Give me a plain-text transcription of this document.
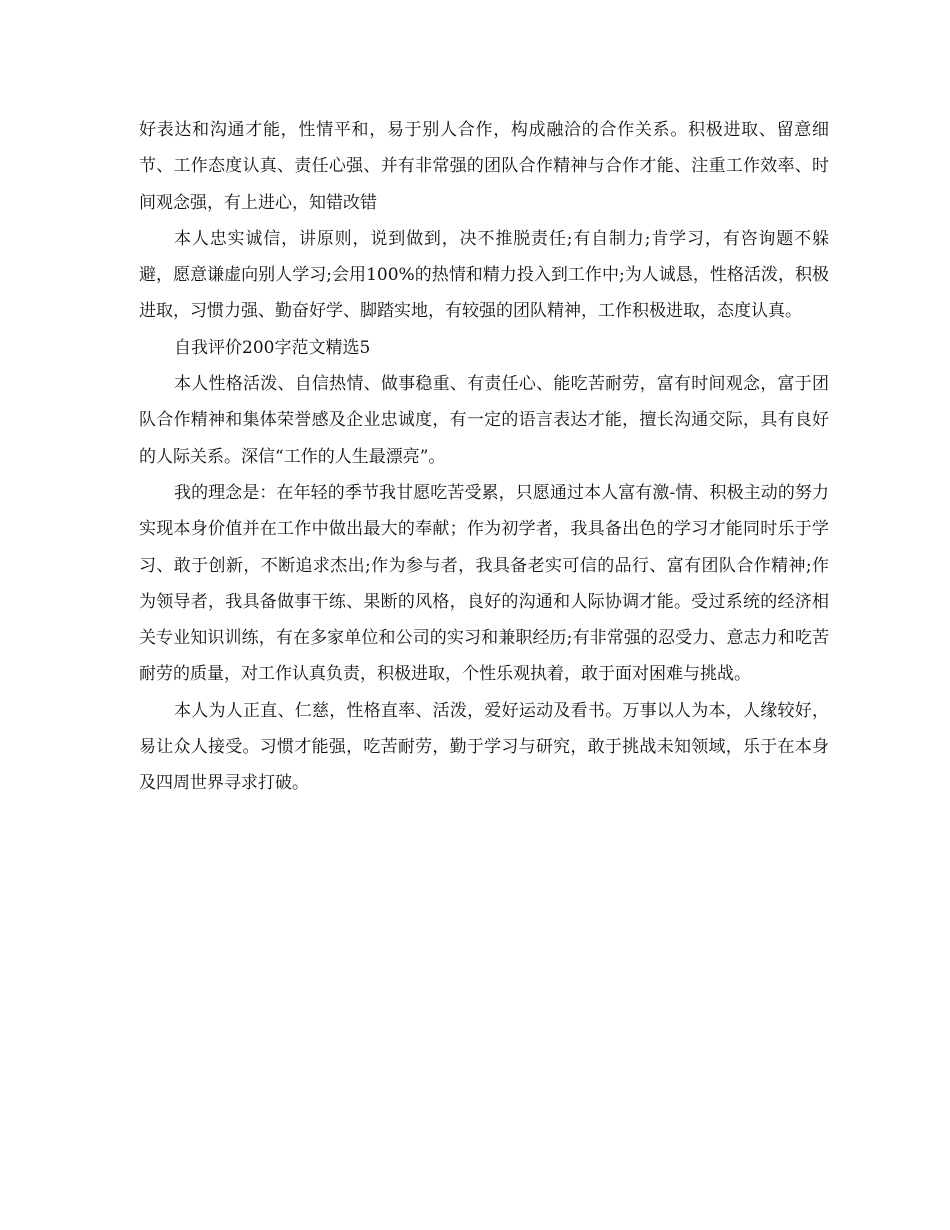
好表达和沟通才能，性情平和，易于别人合作，构成融洽的合作关系。积极进取、留意细节、工作态度认真、责任心强、并有非常强的团队合作精神与合作才能、注重工作效率、时间观念强，有上进心，知错改错

本人忠实诚信，讲原则，说到做到，决不推脱责任;有自制力;肯学习，有咨询题不躲避，愿意谦虚向别人学习;会用100%的热情和精力投入到工作中;为人诚恳，性格活泼，积极进取，习惯力强、勤奋好学、脚踏实地，有较强的团队精神，工作积极进取，态度认真。

自我评价200字范文精选5

本人性格活泼、自信热情、做事稳重、有责任心、能吃苦耐劳，富有时间观念，富于团队合作精神和集体荣誉感及企业忠诚度，有一定的语言表达才能，擅长沟通交际，具有良好的人际关系。深信“工作的人生最漂亮”。

我的理念是：在年轻的季节我甘愿吃苦受累，只愿通过本人富有激-情、积极主动的努力实现本身价值并在工作中做出最大的奉献；作为初学者，我具备出色的学习才能同时乐于学习、敢于创新，不断追求杰出;作为参与者，我具备老实可信的品行、富有团队合作精神;作为领导者，我具备做事干练、果断的风格，良好的沟通和人际协调才能。受过系统的经济相关专业知识训练，有在多家单位和公司的实习和兼职经历;有非常强的忍受力、意志力和吃苦耐劳的质量，对工作认真负责，积极进取，个性乐观执着，敢于面对困难与挑战。

本人为人正直、仁慈，性格直率、活泼，爱好运动及看书。万事以人为本，人缘较好，易让众人接受。习惯才能强，吃苦耐劳，勤于学习与研究，敢于挑战未知领域，乐于在本身及四周世界寻求打破。
